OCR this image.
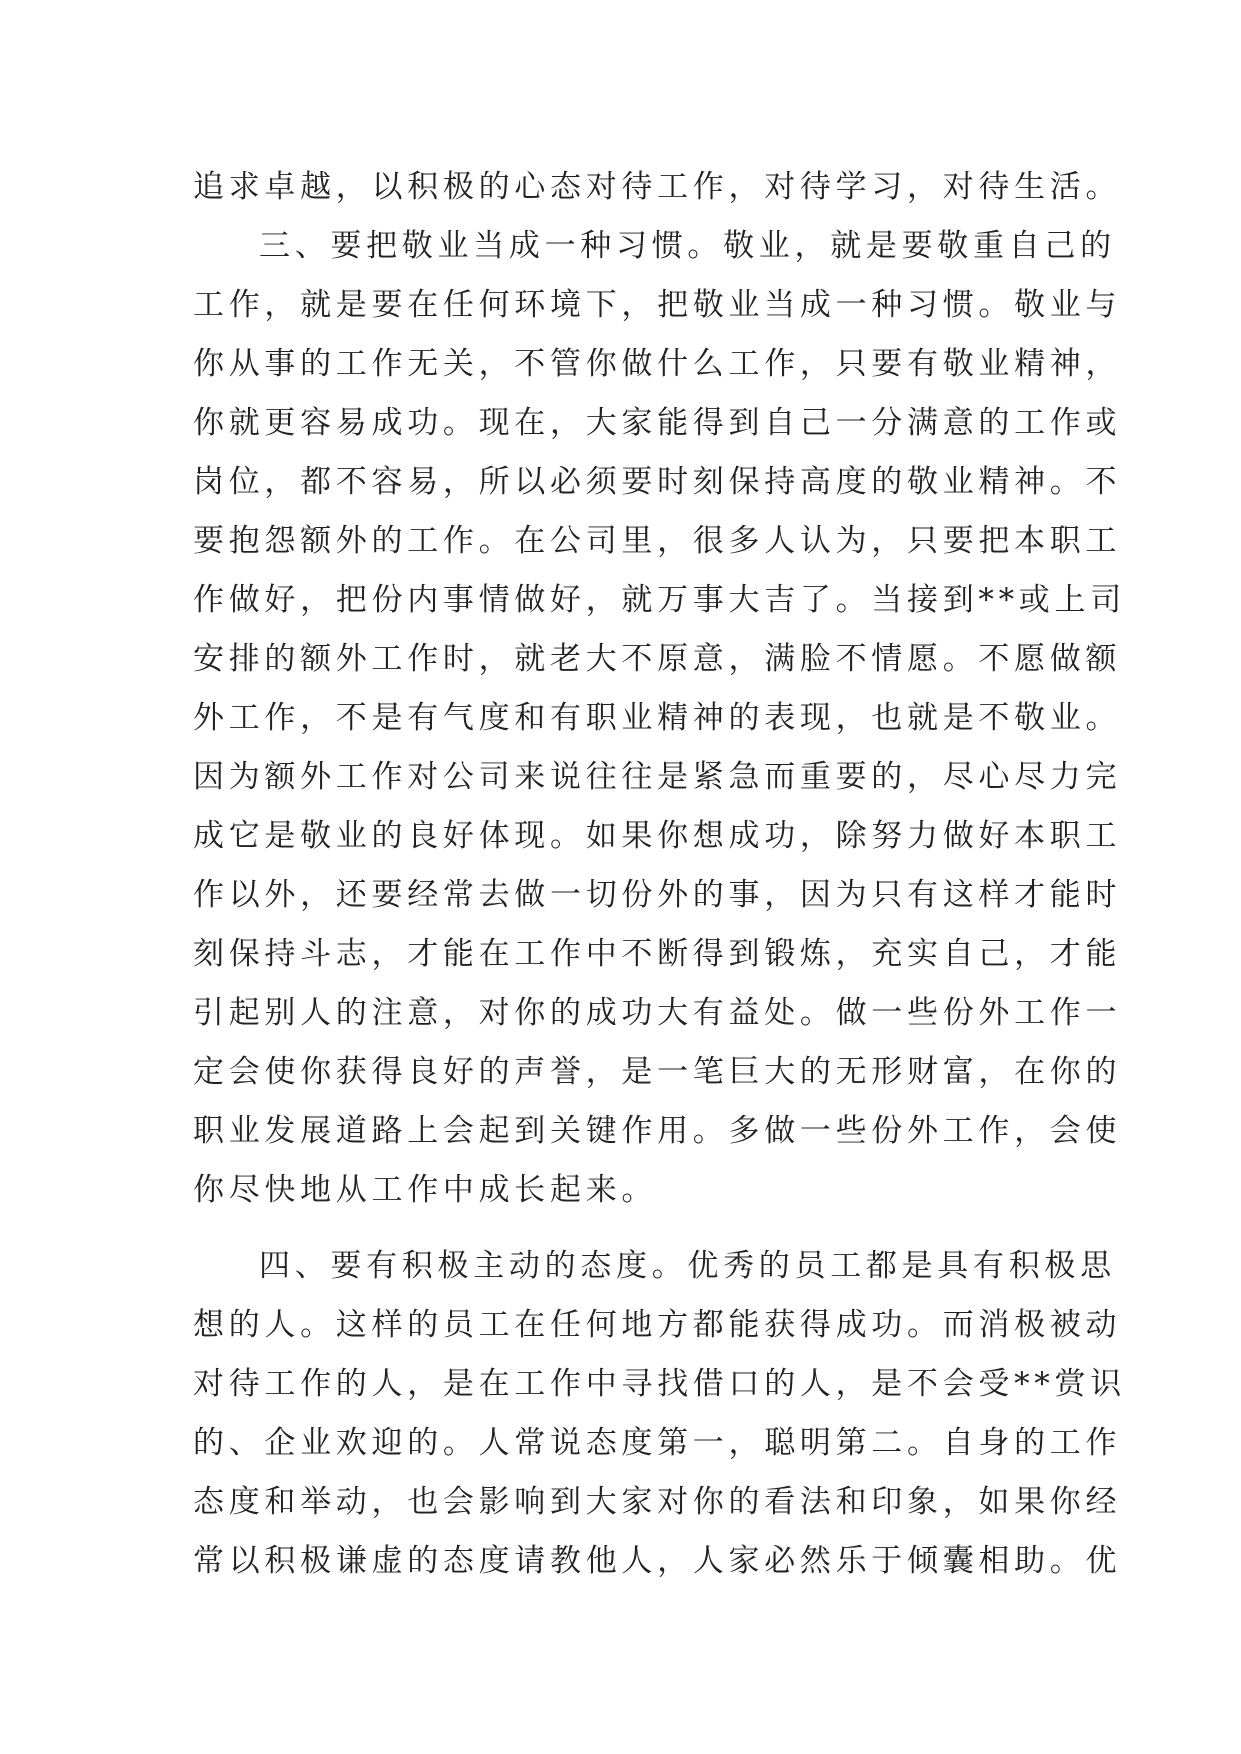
追求卓越，以积极的心态对待工作，对待学习，对待生活。
三、要把敬业当成一种习惯。敬业，就是要敬重自己的
工作，就是要在任何环境下，把敬业当成一种习惯。敬业与
你从事的工作无关，不管你做什么工作，只要有敬业精神，
你就更容易成功。现在，大家能得到自己一分满意的工作或
岗位，都不容易，所以必须要时刻保持高度的敬业精神。不
要抱怨额外的工作。在公司里，很多人认为，只要把本职工
作做好，把份内事情做好，就万事大吉了。当接到**或上司
安排的额外工作时，就老大不原意，满脸不情愿。不愿做额
外工作，不是有气度和有职业精神的表现，也就是不敬业。
因为额外工作对公司来说往往是紧急而重要的，尽心尽力完
成它是敬业的良好体现。如果你想成功，除努力做好本职工
作以外，还要经常去做一切份外的事，因为只有这样才能时
刻保持斗志，才能在工作中不断得到锻炼，充实自己，才能
引起别人的注意，对你的成功大有益处。做一些份外工作一
定会使你获得良好的声誉，是一笔巨大的无形财富，在你的
职业发展道路上会起到关键作用。多做一些份外工作，会使
你尽快地从工作中成长起来。
四、要有积极主动的态度。优秀的员工都是具有积极思
想的人。这样的员工在任何地方都能获得成功。而消极被动
对待工作的人，是在工作中寻找借口的人，是不会受**赏识
的、企业欢迎的。人常说态度第一，聪明第二。自身的工作
态度和举动，也会影响到大家对你的看法和印象，如果你经
常以积极谦虚的态度请教他人，人家必然乐于倾囊相助。优
